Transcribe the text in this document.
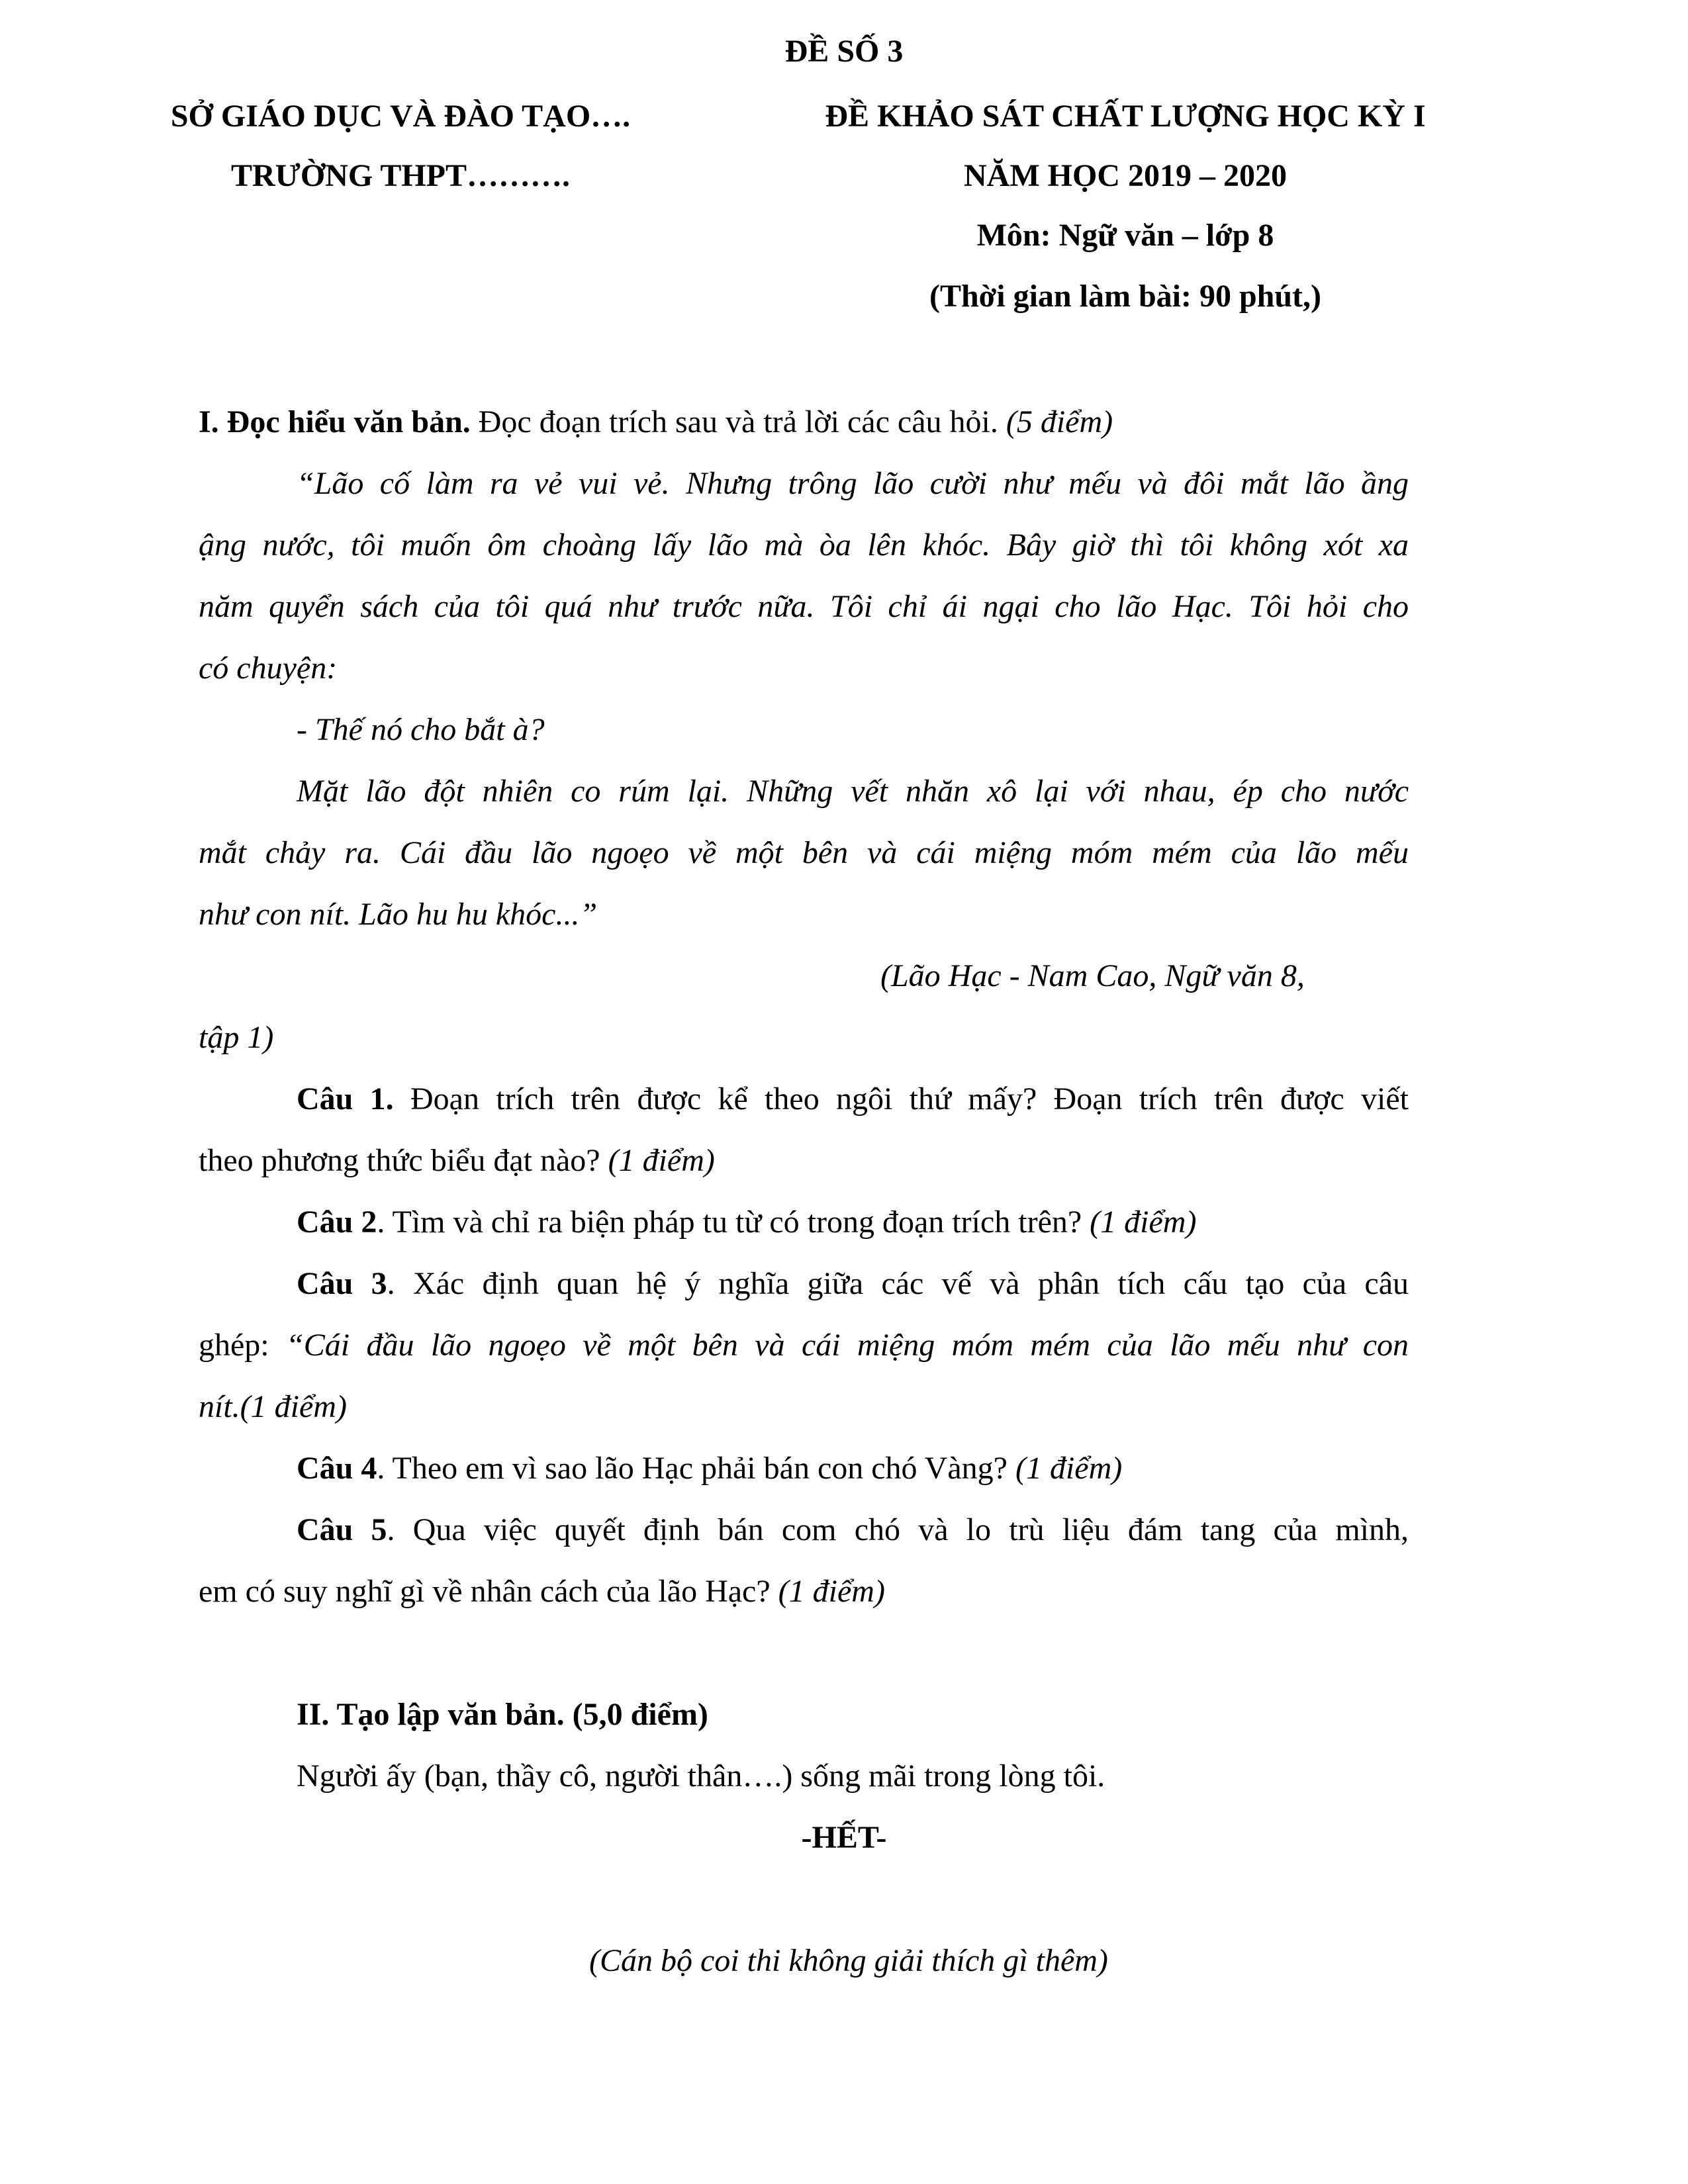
ĐỀ SỐ 3
SỞ GIÁO DỤC VÀ ĐÀO TẠO….	ĐỀ KHẢO SÁT CHẤT LƯỢNG HỌC KỲ I
TRƯỜNG THPT……….	NĂM HỌC 2019 – 2020
Môn: Ngữ văn – lớp 8
(Thời gian làm bài: 90 phút,)
I. Đọc hiểu văn bản. Đọc đoạn trích sau và trả lời các câu hỏi. (5 điểm)
“Lão cố làm ra vẻ vui vẻ. Nhưng trông lão cười như mếu và đôi mắt lão ầng
ậng nước, tôi muốn ôm choàng lấy lão mà òa lên khóc. Bây giờ thì tôi không xót xa
năm quyển sách của tôi quá như trước nữa. Tôi chỉ ái ngại cho lão Hạc. Tôi hỏi cho
có chuyện:
- Thế nó cho bắt à?
Mặt lão đột nhiên co rúm lại. Những vết nhăn xô lại với nhau, ép cho nước
mắt chảy ra. Cái đầu lão ngoẹo về một bên và cái miệng móm mém của lão mếu
như con nít. Lão hu hu khóc...”
(Lão Hạc - Nam Cao, Ngữ văn 8,
tập 1)
Câu 1. Đoạn trích trên được kể theo ngôi thứ mấy? Đoạn trích trên được viết
theo phương thức biểu đạt nào? (1 điểm)
Câu 2. Tìm và chỉ ra biện pháp tu từ có trong đoạn trích trên? (1 điểm)
Câu 3. Xác định quan hệ ý nghĩa giữa các vế và phân tích cấu tạo của câu
ghép: “Cái đầu lão ngoẹo về một bên và cái miệng móm mém của lão mếu như con
nít.(1 điểm)
Câu 4. Theo em vì sao lão Hạc phải bán con chó Vàng? (1 điểm)
Câu 5. Qua việc quyết định bán com chó và lo trù liệu đám tang của mình,
em có suy nghĩ gì về nhân cách của lão Hạc? (1 điểm)
II. Tạo lập văn bản. (5,0 điểm)
Người ấy (bạn, thầy cô, người thân….) sống mãi trong lòng tôi.
-HẾT-
(Cán bộ coi thi không giải thích gì thêm)
